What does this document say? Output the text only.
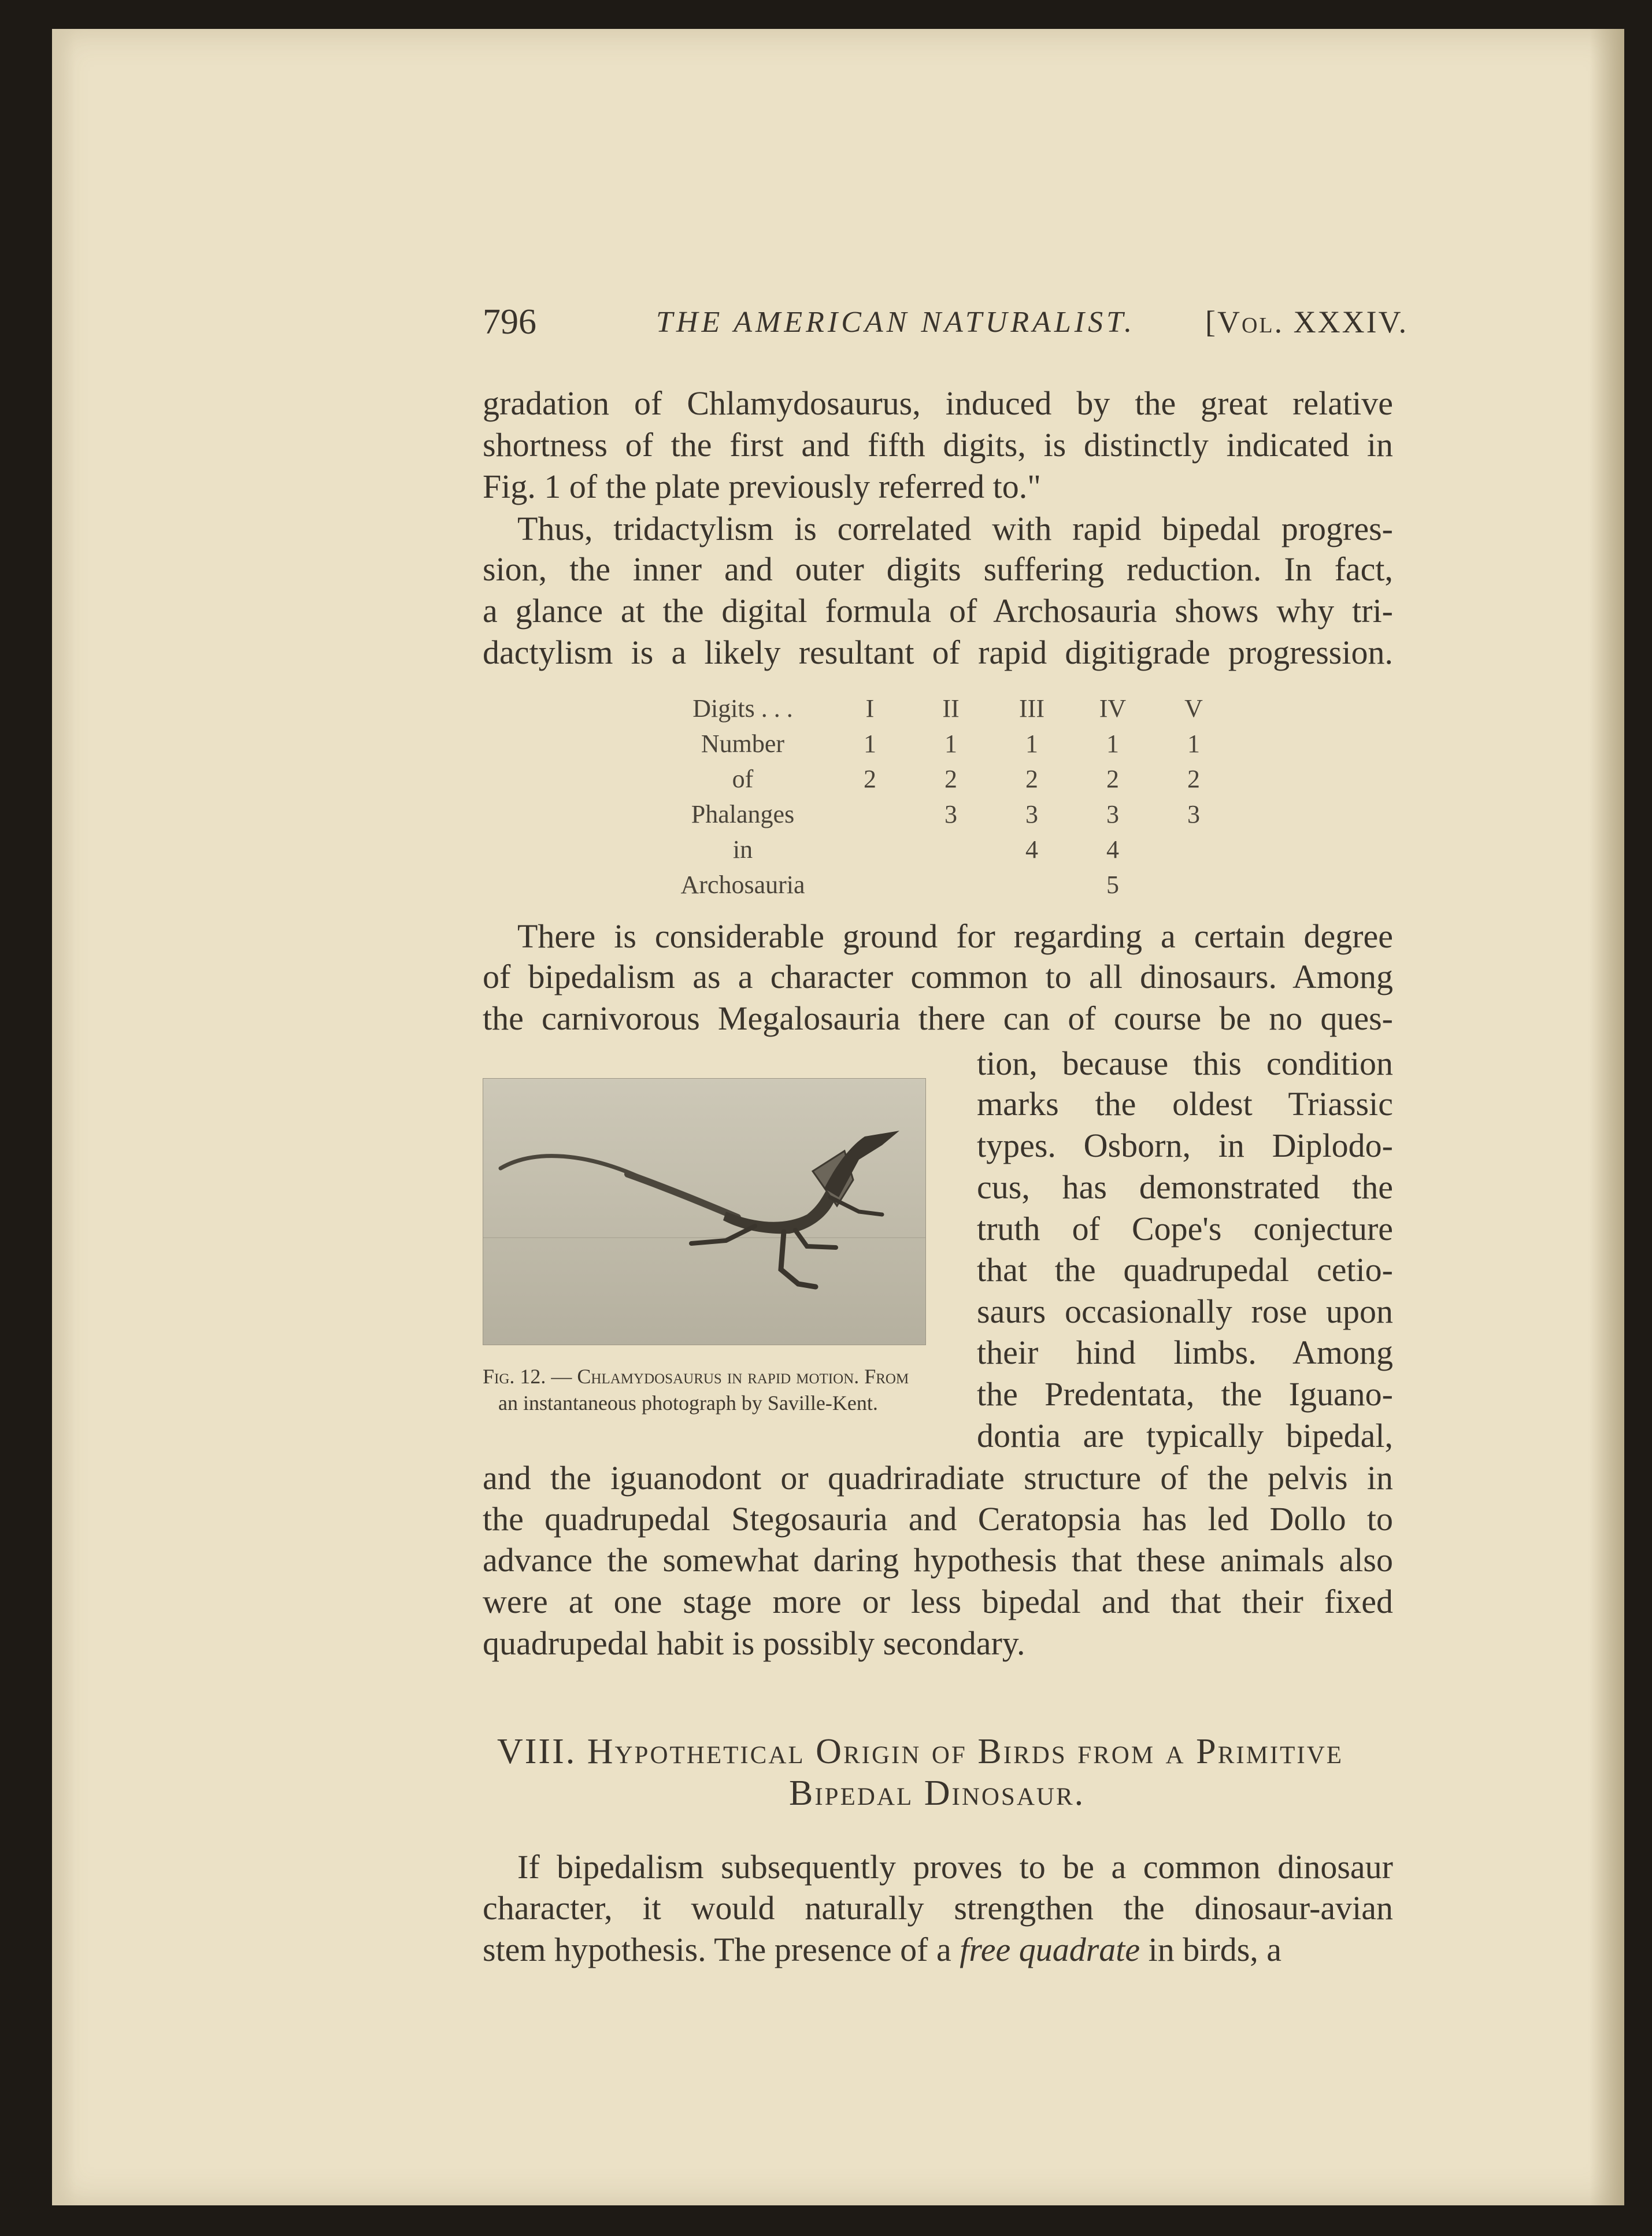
796	THE AMERICAN NATURALIST. [Vol. XXXIV.
gradation of Chlamydosaurus, induced by the great relative
shortness of the first and fifth digits, is distinctly indicated in
Fig. 1 of the plate previously referred to."
Thus, tridactylism is correlated with rapid bipedal progres-
sion, the inner and outer digits suffering reduction. In fact,
a glance at the digital formula of Archosauria shows why tri-
dactylism is a likely resultant of rapid digitigrade progression.
Digits . . .	I	II	III	IV	V
Number	1	1	1	1	1
of	2	2	2	2	2
Phalanges		3	3	3	3
in			4	4	
Archosauria				5	
There is considerable ground for regarding a certain degree
of bipedalism as a character common to all dinosaurs. Among
the carnivorous Megalosauria there can of course be no ques-
Fig. 12. — Chlamydosaurus in rapid motion. From
an instantaneous photograph by Saville-Kent.
tion, because this condition
marks the oldest Triassic
types. Osborn, in Diplodo-
cus, has demonstrated the
truth of Cope's conjecture
that the quadrupedal cetio-
saurs occasionally rose upon
their hind limbs. Among
the Predentata, the Iguano-
dontia are typically bipedal,
and the iguanodont or quadriradiate structure of the pelvis in
the quadrupedal Stegosauria and Ceratopsia has led Dollo to
advance the somewhat daring hypothesis that these animals also
were at one stage more or less bipedal and that their fixed
quadrupedal habit is possibly secondary.
VIII. Hypothetical Origin of Birds from a Primitive
Bipedal Dinosaur.
If bipedalism subsequently proves to be a common dinosaur
character, it would naturally strengthen the dinosaur-avian
stem hypothesis. The presence of a free quadrate in birds, a
